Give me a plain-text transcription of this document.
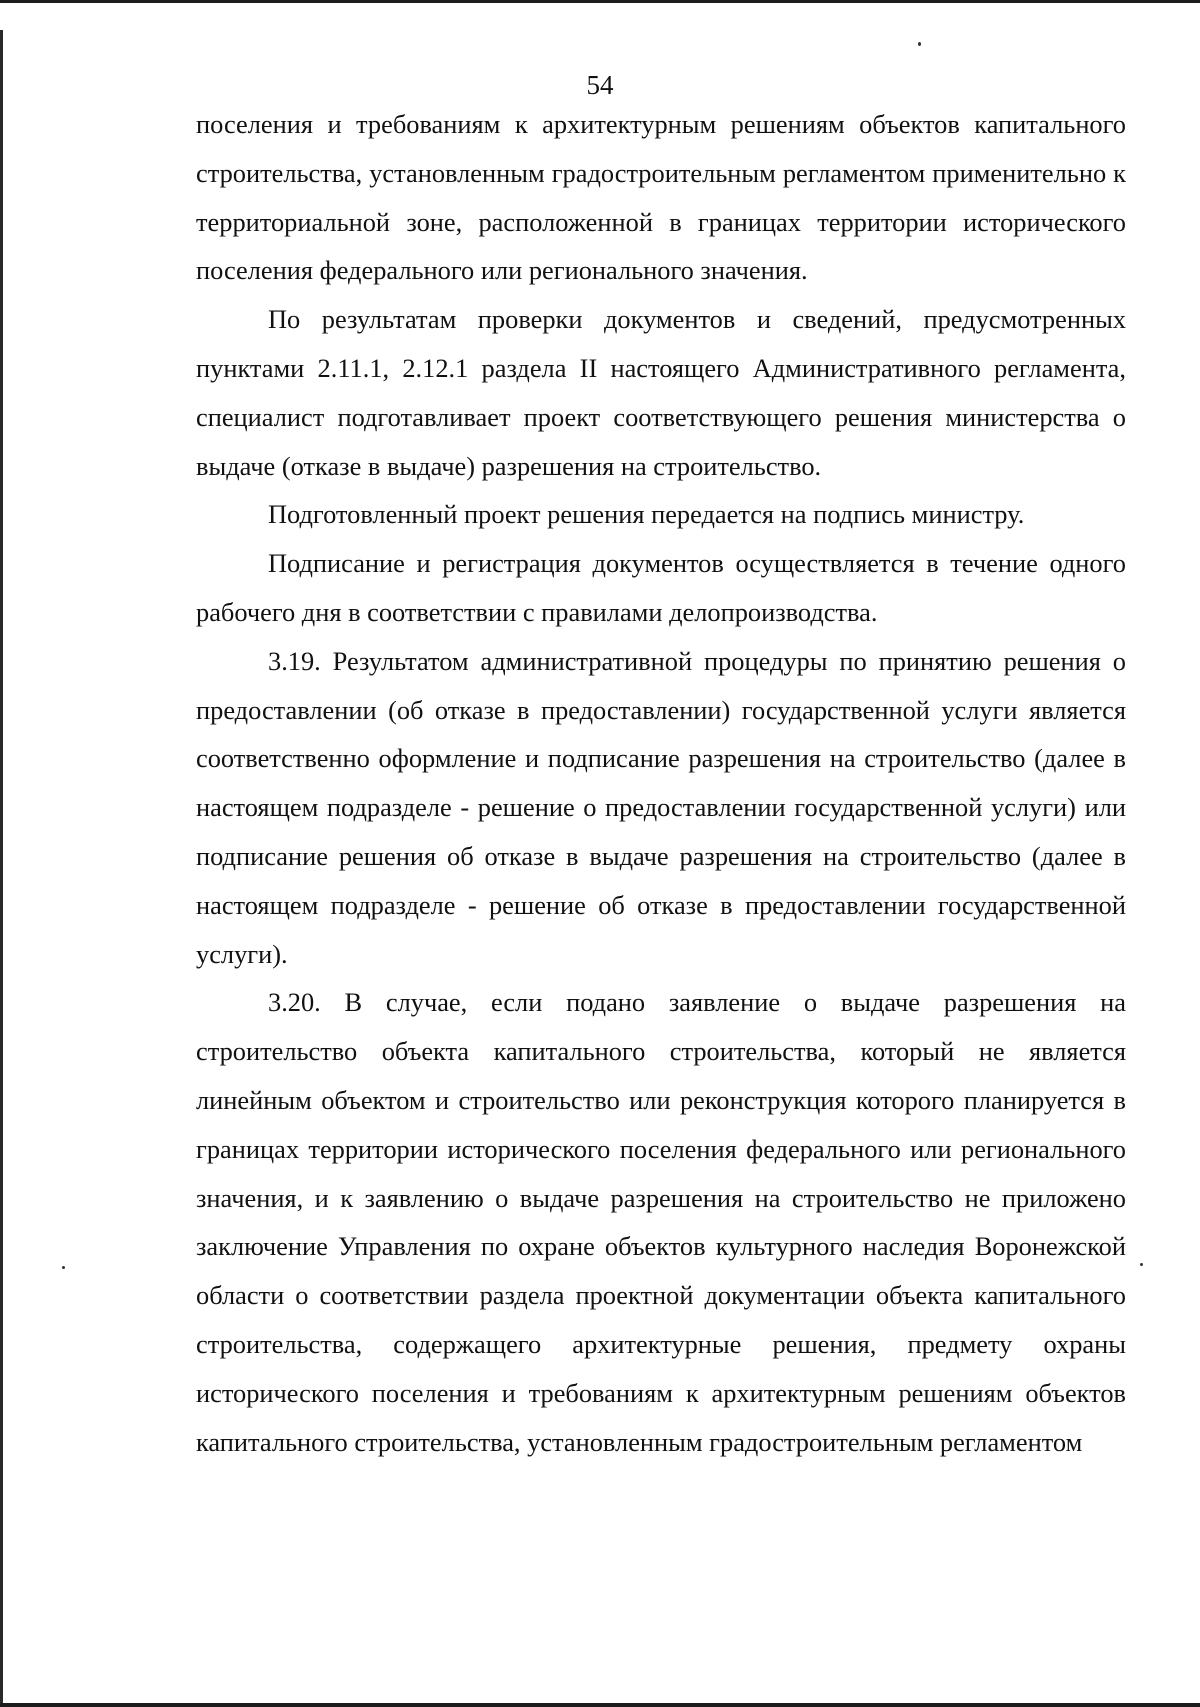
54

поселения и требованиям к архитектурным решениям объектов капитального строительства, установленным градостроительным регламентом применительно к территориальной зоне, расположенной в границах территории исторического поселения федерального или регионального значения.

По результатам проверки документов и сведений, предусмотренных пунктами 2.11.1, 2.12.1 раздела II настоящего Административного регламента, специалист подготавливает проект соответствующего решения министерства о выдаче (отказе в выдаче) разрешения на строительство.

Подготовленный проект решения передается на подпись министру.

Подписание и регистрация документов осуществляется в течение одного рабочего дня в соответствии с правилами делопроизводства.

3.19. Результатом административной процедуры по принятию решения о предоставлении (об отказе в предоставлении) государственной услуги является соответственно оформление и подписание разрешения на строительство (далее в настоящем подразделе - решение о предоставлении государственной услуги) или подписание решения об отказе в выдаче разрешения на строительство (далее в настоящем подразделе - решение об отказе в предоставлении государственной услуги).

3.20. В случае, если подано заявление о выдаче разрешения на строительство объекта капитального строительства, который не является линейным объектом и строительство или реконструкция которого планируется в границах территории исторического поселения федерального или регионального значения, и к заявлению о выдаче разрешения на строительство не приложено заключение Управления по охране объектов культурного наследия Воронежской области о соответствии раздела проектной документации объекта капитального строительства, содержащего архитектурные решения, предмету охраны исторического поселения и требованиям к архитектурным решениям объектов капитального строительства, установленным градостроительным регламентом
